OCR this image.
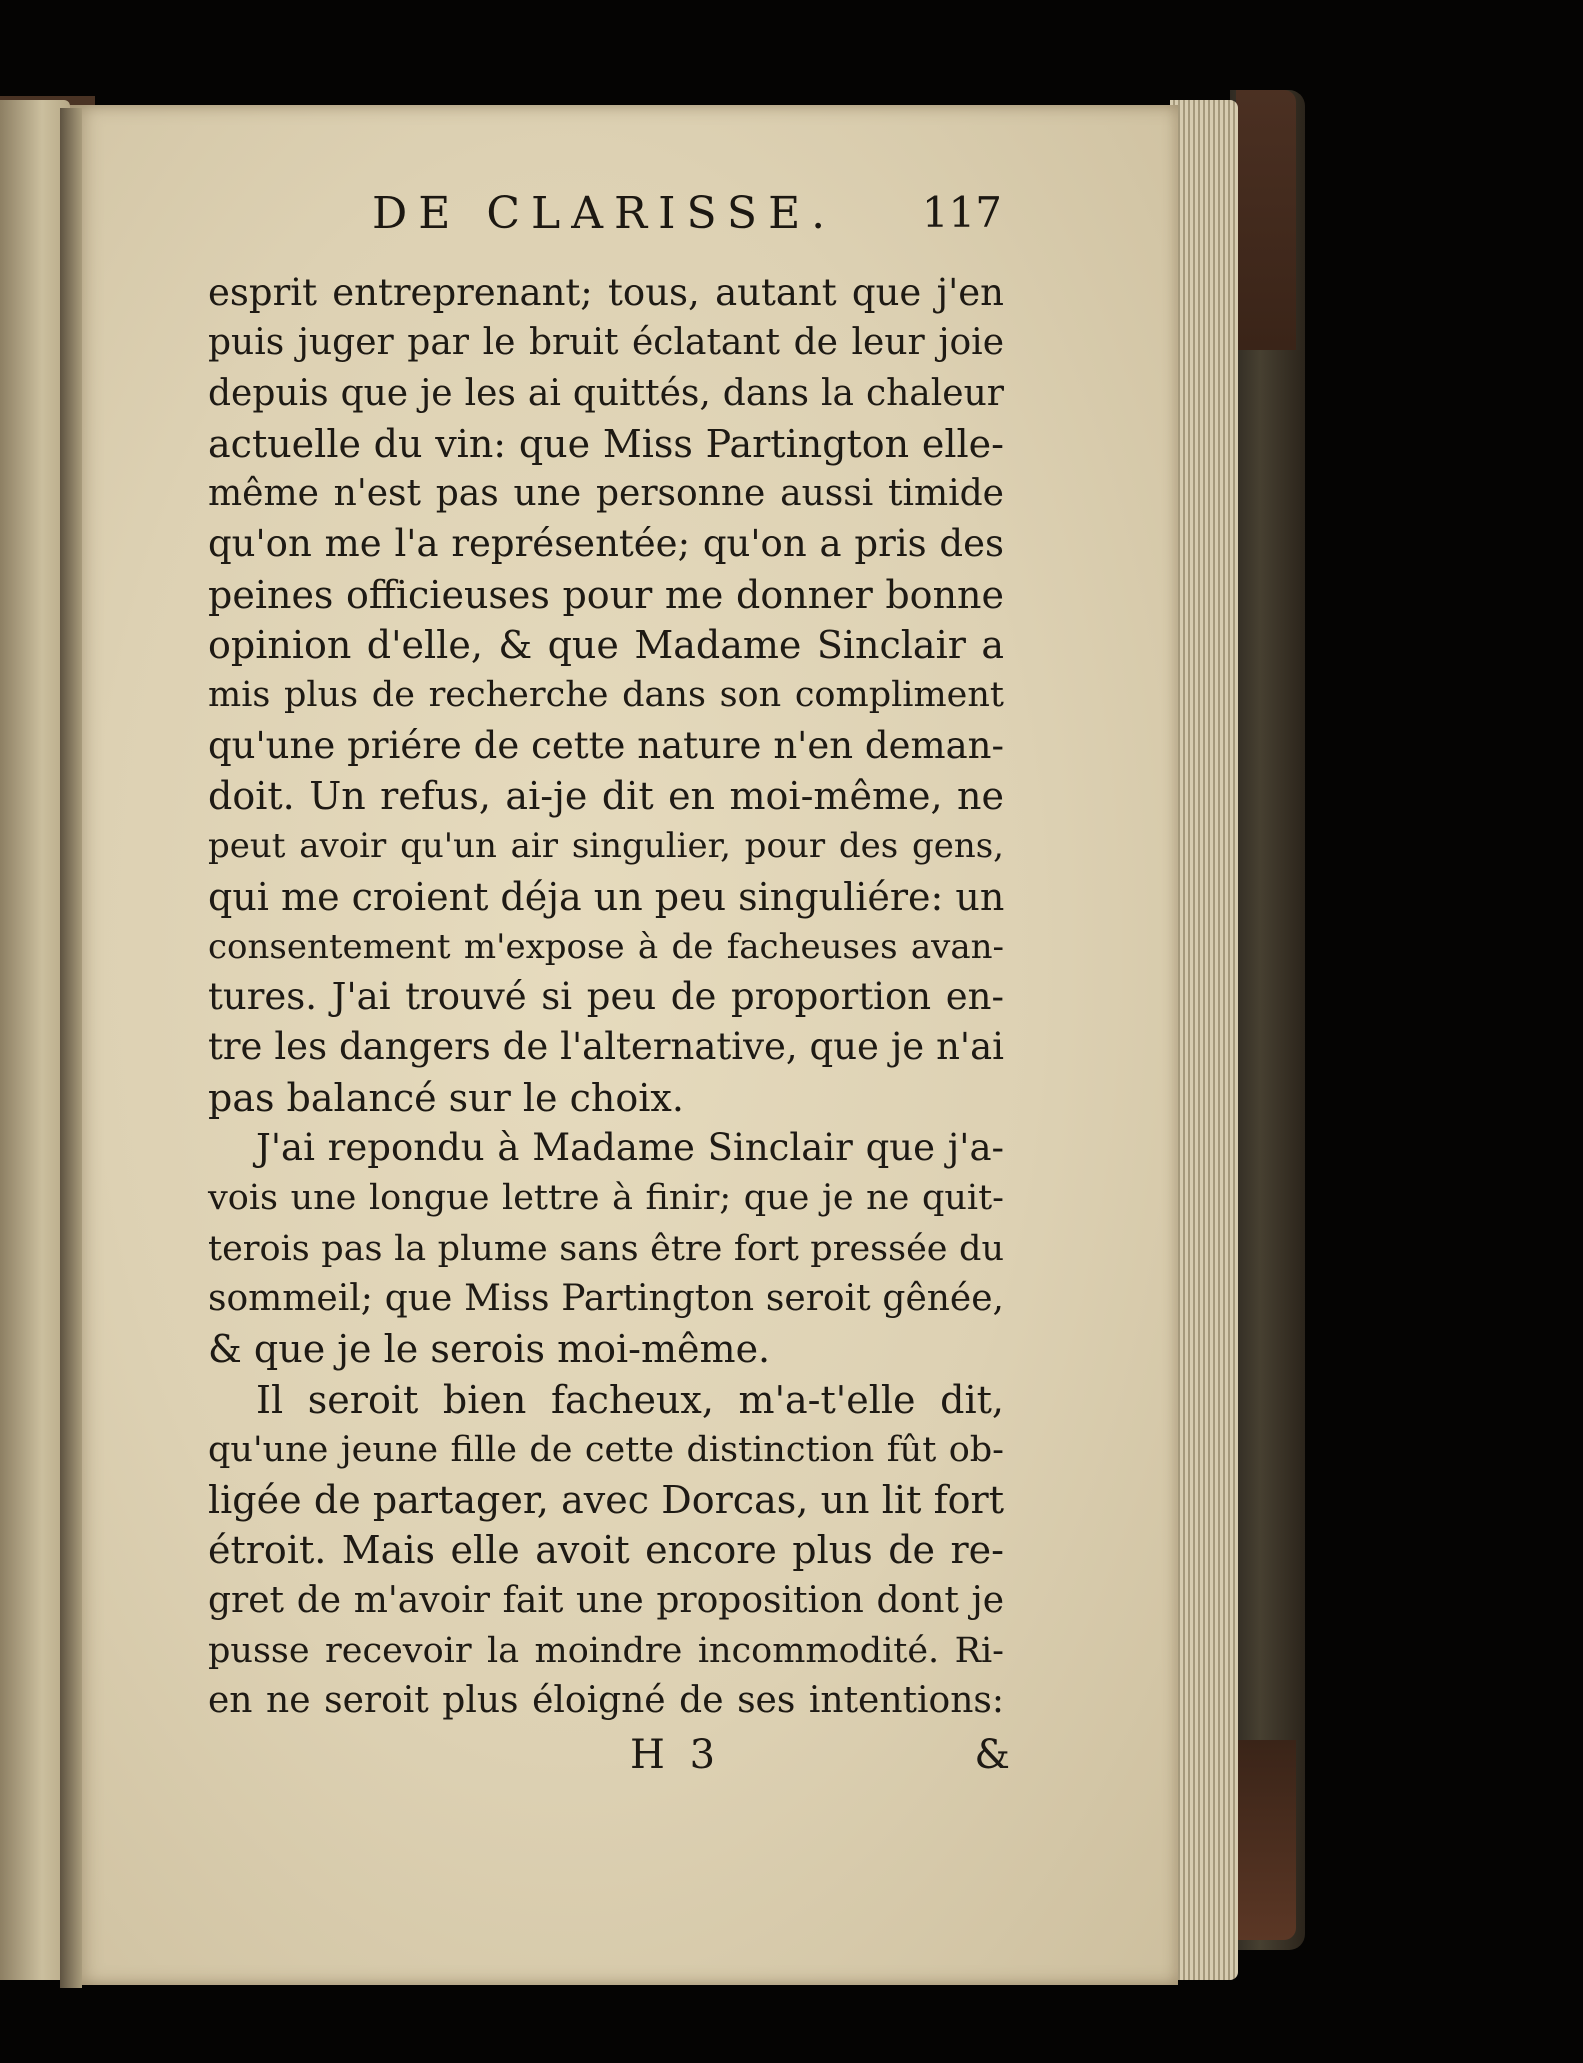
DE CLARISSE. 117
esprit entreprenant; tous, autant que j'en
puis juger par le bruit éclatant de leur joie
depuis que je les ai quittés, dans la chaleur
actuelle du vin: que Miss Partington elle-
même n'est pas une personne aussi timide
qu'on me l'a représentée; qu'on a pris des
peines officieuses pour me donner bonne
opinion d'elle, & que Madame Sinclair a
mis plus de recherche dans son compliment
qu'une priére de cette nature n'en deman-
doit. Un refus, ai-je dit en moi-même, ne
peut avoir qu'un air singulier, pour des gens,
qui me croient déja un peu singuliére: un
consentement m'expose à de facheuses avan-
tures. J'ai trouvé si peu de proportion en-
tre les dangers de l'alternative, que je n'ai
pas balancé sur le choix.
J'ai repondu à Madame Sinclair que j'a-
vois une longue lettre à finir; que je ne quit-
terois pas la plume sans être fort pressée du
sommeil; que Miss Partington seroit gênée,
& que je le serois moi-même.
Il seroit bien facheux, m'a-t'elle dit,
qu'une jeune fille de cette distinction fût ob-
ligée de partager, avec Dorcas, un lit fort
étroit. Mais elle avoit encore plus de re-
gret de m'avoir fait une proposition dont je
pusse recevoir la moindre incommodité. Ri-
en ne seroit plus éloigné de ses intentions:
H 3	&
